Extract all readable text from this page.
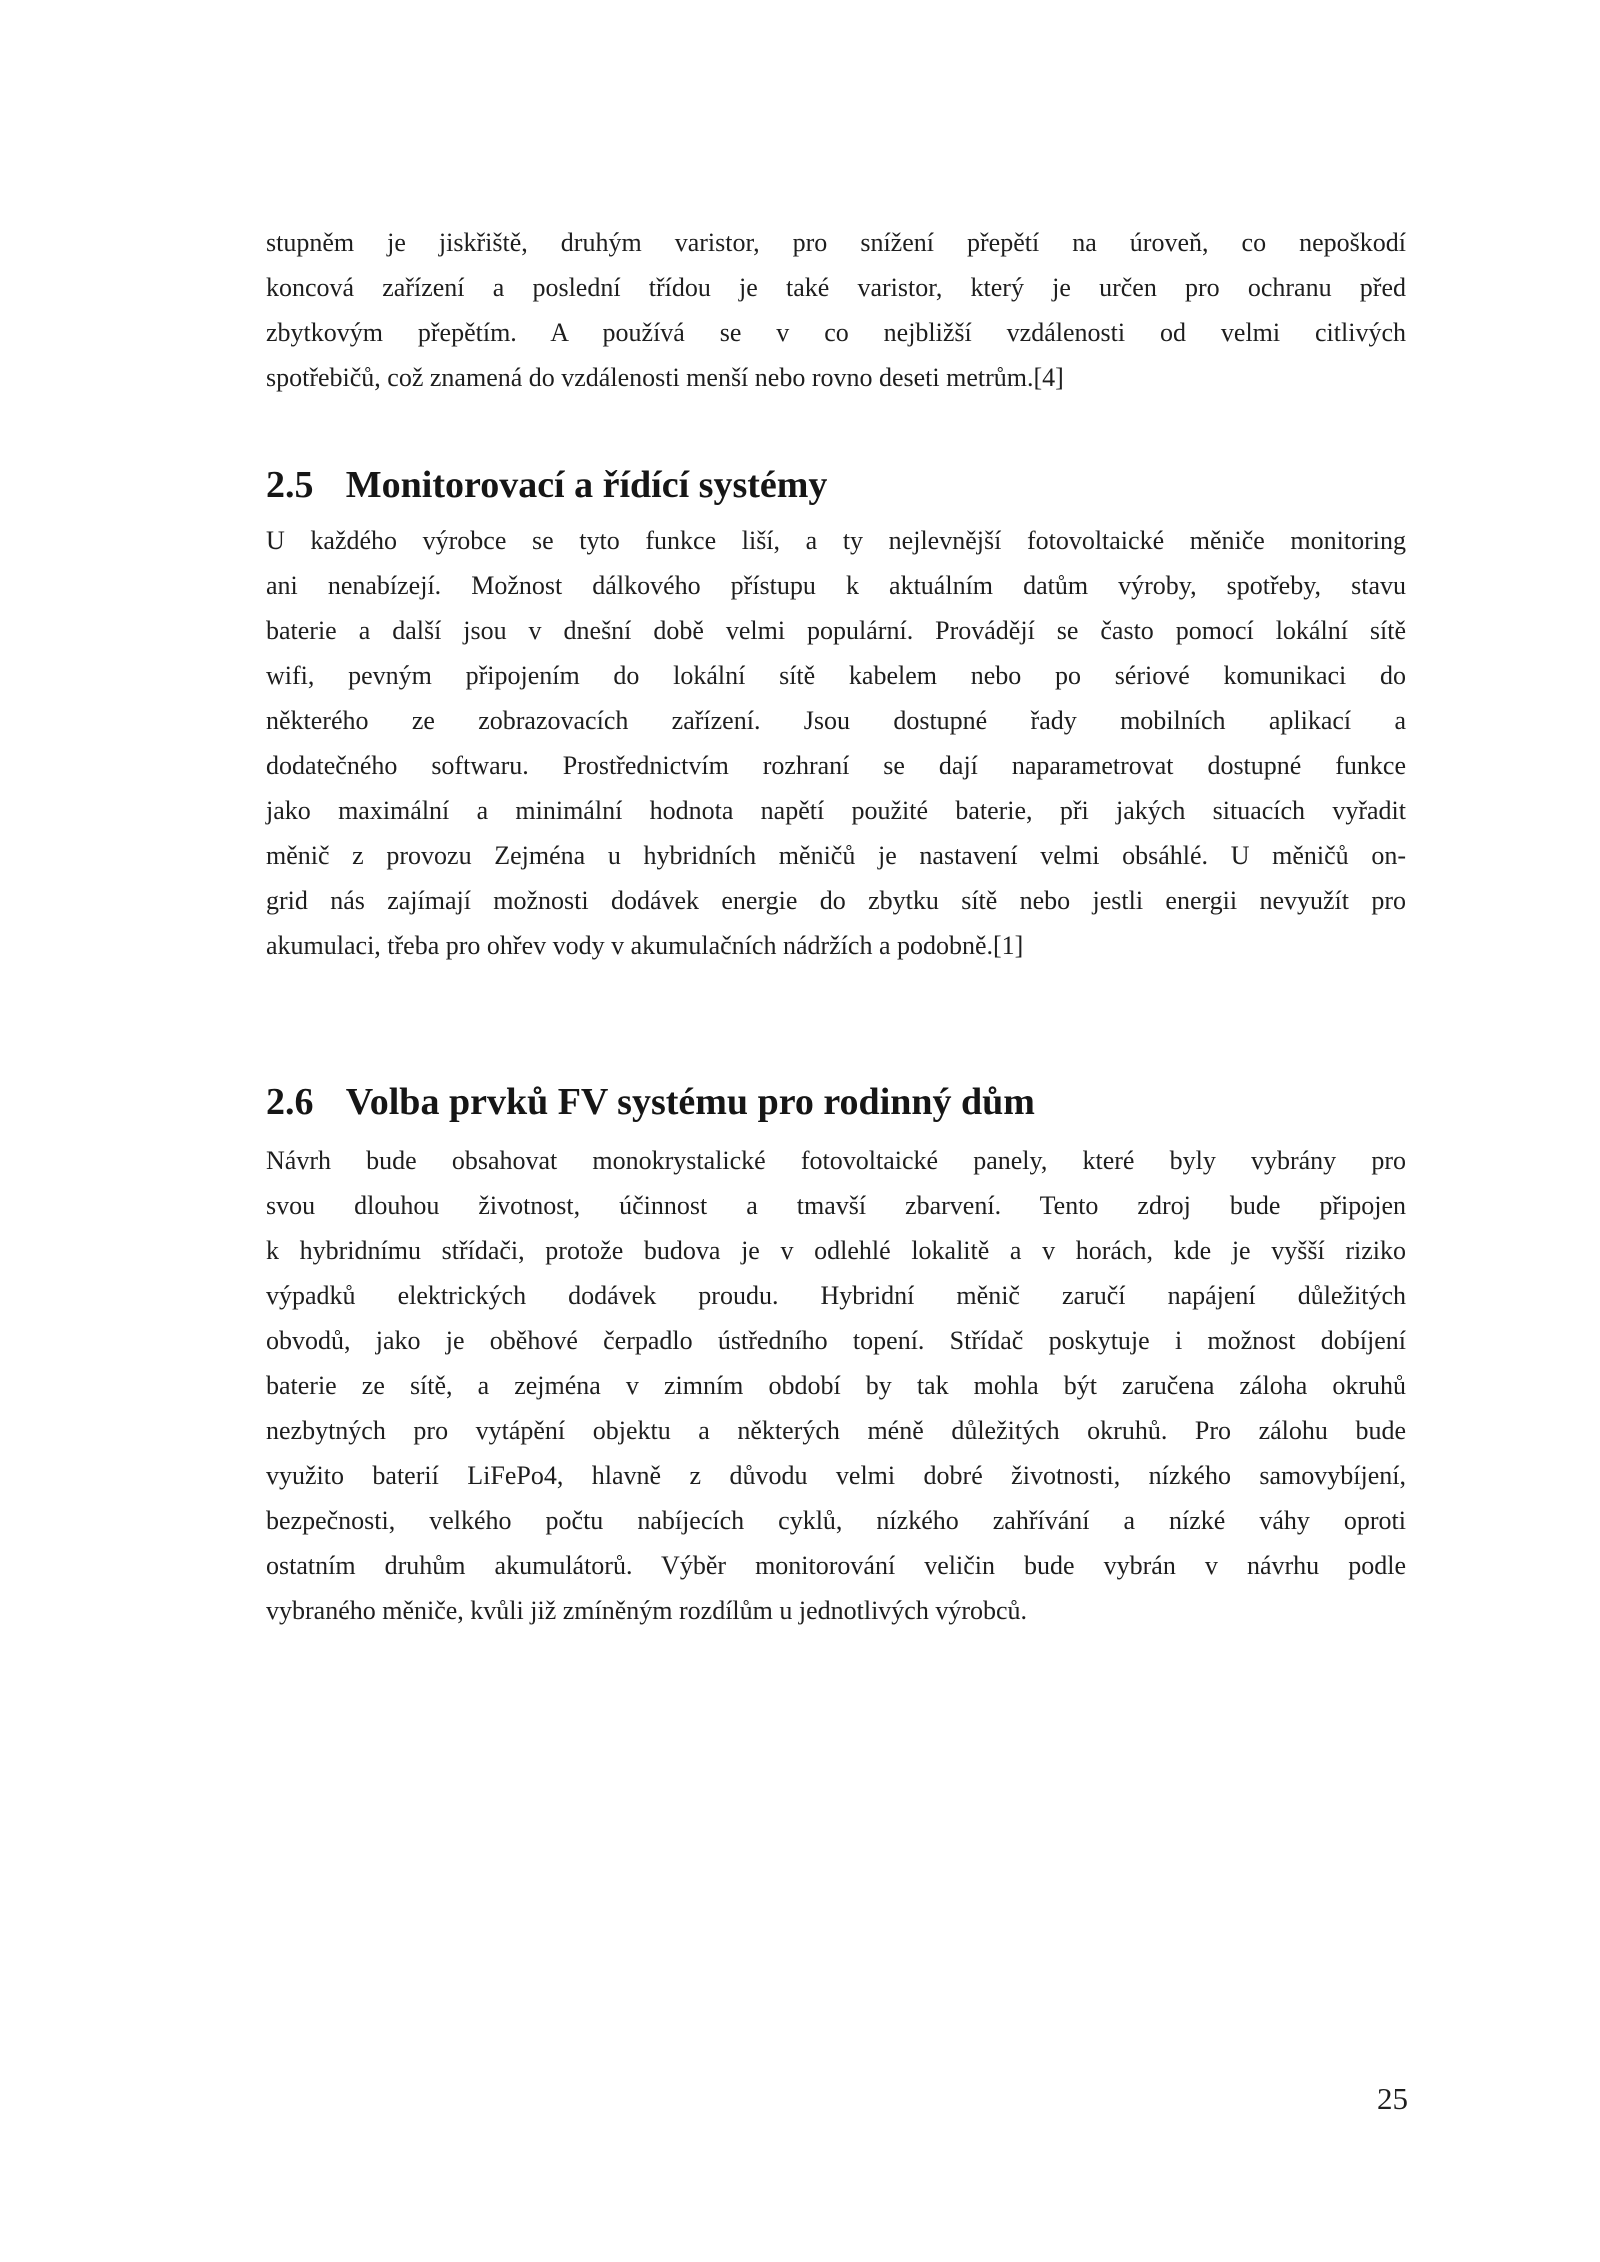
stupněm je jiskřiště, druhým varistor, pro snížení přepětí na úroveň, co nepoškodí
koncová zařízení a poslední třídou je také varistor, který je určen pro ochranu před
zbytkovým přepětím. A používá se v co nejbližší vzdálenosti od velmi citlivých
spotřebičů, což znamená do vzdálenosti menší nebo rovno deseti metrům.[4]
2.5 Monitorovací a řídící systémy
U každého výrobce se tyto funkce liší, a ty nejlevnější fotovoltaické měniče monitoring
ani nenabízejí. Možnost dálkového přístupu k aktuálním datům výroby, spotřeby, stavu
baterie a další jsou v dnešní době velmi populární. Provádějí se často pomocí lokální sítě
wifi, pevným připojením do lokální sítě kabelem nebo po sériové komunikaci do
některého ze zobrazovacích zařízení. Jsou dostupné řady mobilních aplikací a
dodatečného softwaru. Prostřednictvím rozhraní se dají naparametrovat dostupné funkce
jako maximální a minimální hodnota napětí použité baterie, při jakých situacích vyřadit
měnič z provozu Zejména u hybridních měničů je nastavení velmi obsáhlé. U měničů on-
grid nás zajímají možnosti dodávek energie do zbytku sítě nebo jestli energii nevyužít pro
akumulaci, třeba pro ohřev vody v akumulačních nádržích a podobně.[1]
2.6 Volba prvků FV systému pro rodinný dům
Návrh bude obsahovat monokrystalické fotovoltaické panely, které byly vybrány pro
svou dlouhou životnost, účinnost a tmavší zbarvení. Tento zdroj bude připojen
k hybridnímu střídači, protože budova je v odlehlé lokalitě a v horách, kde je vyšší riziko
výpadků elektrických dodávek proudu. Hybridní měnič zaručí napájení důležitých
obvodů, jako je oběhové čerpadlo ústředního topení. Střídač poskytuje i možnost dobíjení
baterie ze sítě, a zejména v zimním období by tak mohla být zaručena záloha okruhů
nezbytných pro vytápění objektu a některých méně důležitých okruhů. Pro zálohu bude
využito baterií LiFePo4, hlavně z důvodu velmi dobré životnosti, nízkého samovybíjení,
bezpečnosti, velkého počtu nabíjecích cyklů, nízkého zahřívání a nízké váhy oproti
ostatním druhům akumulátorů. Výběr monitorování veličin bude vybrán v návrhu podle
vybraného měniče, kvůli již zmíněným rozdílům u jednotlivých výrobců.
25
